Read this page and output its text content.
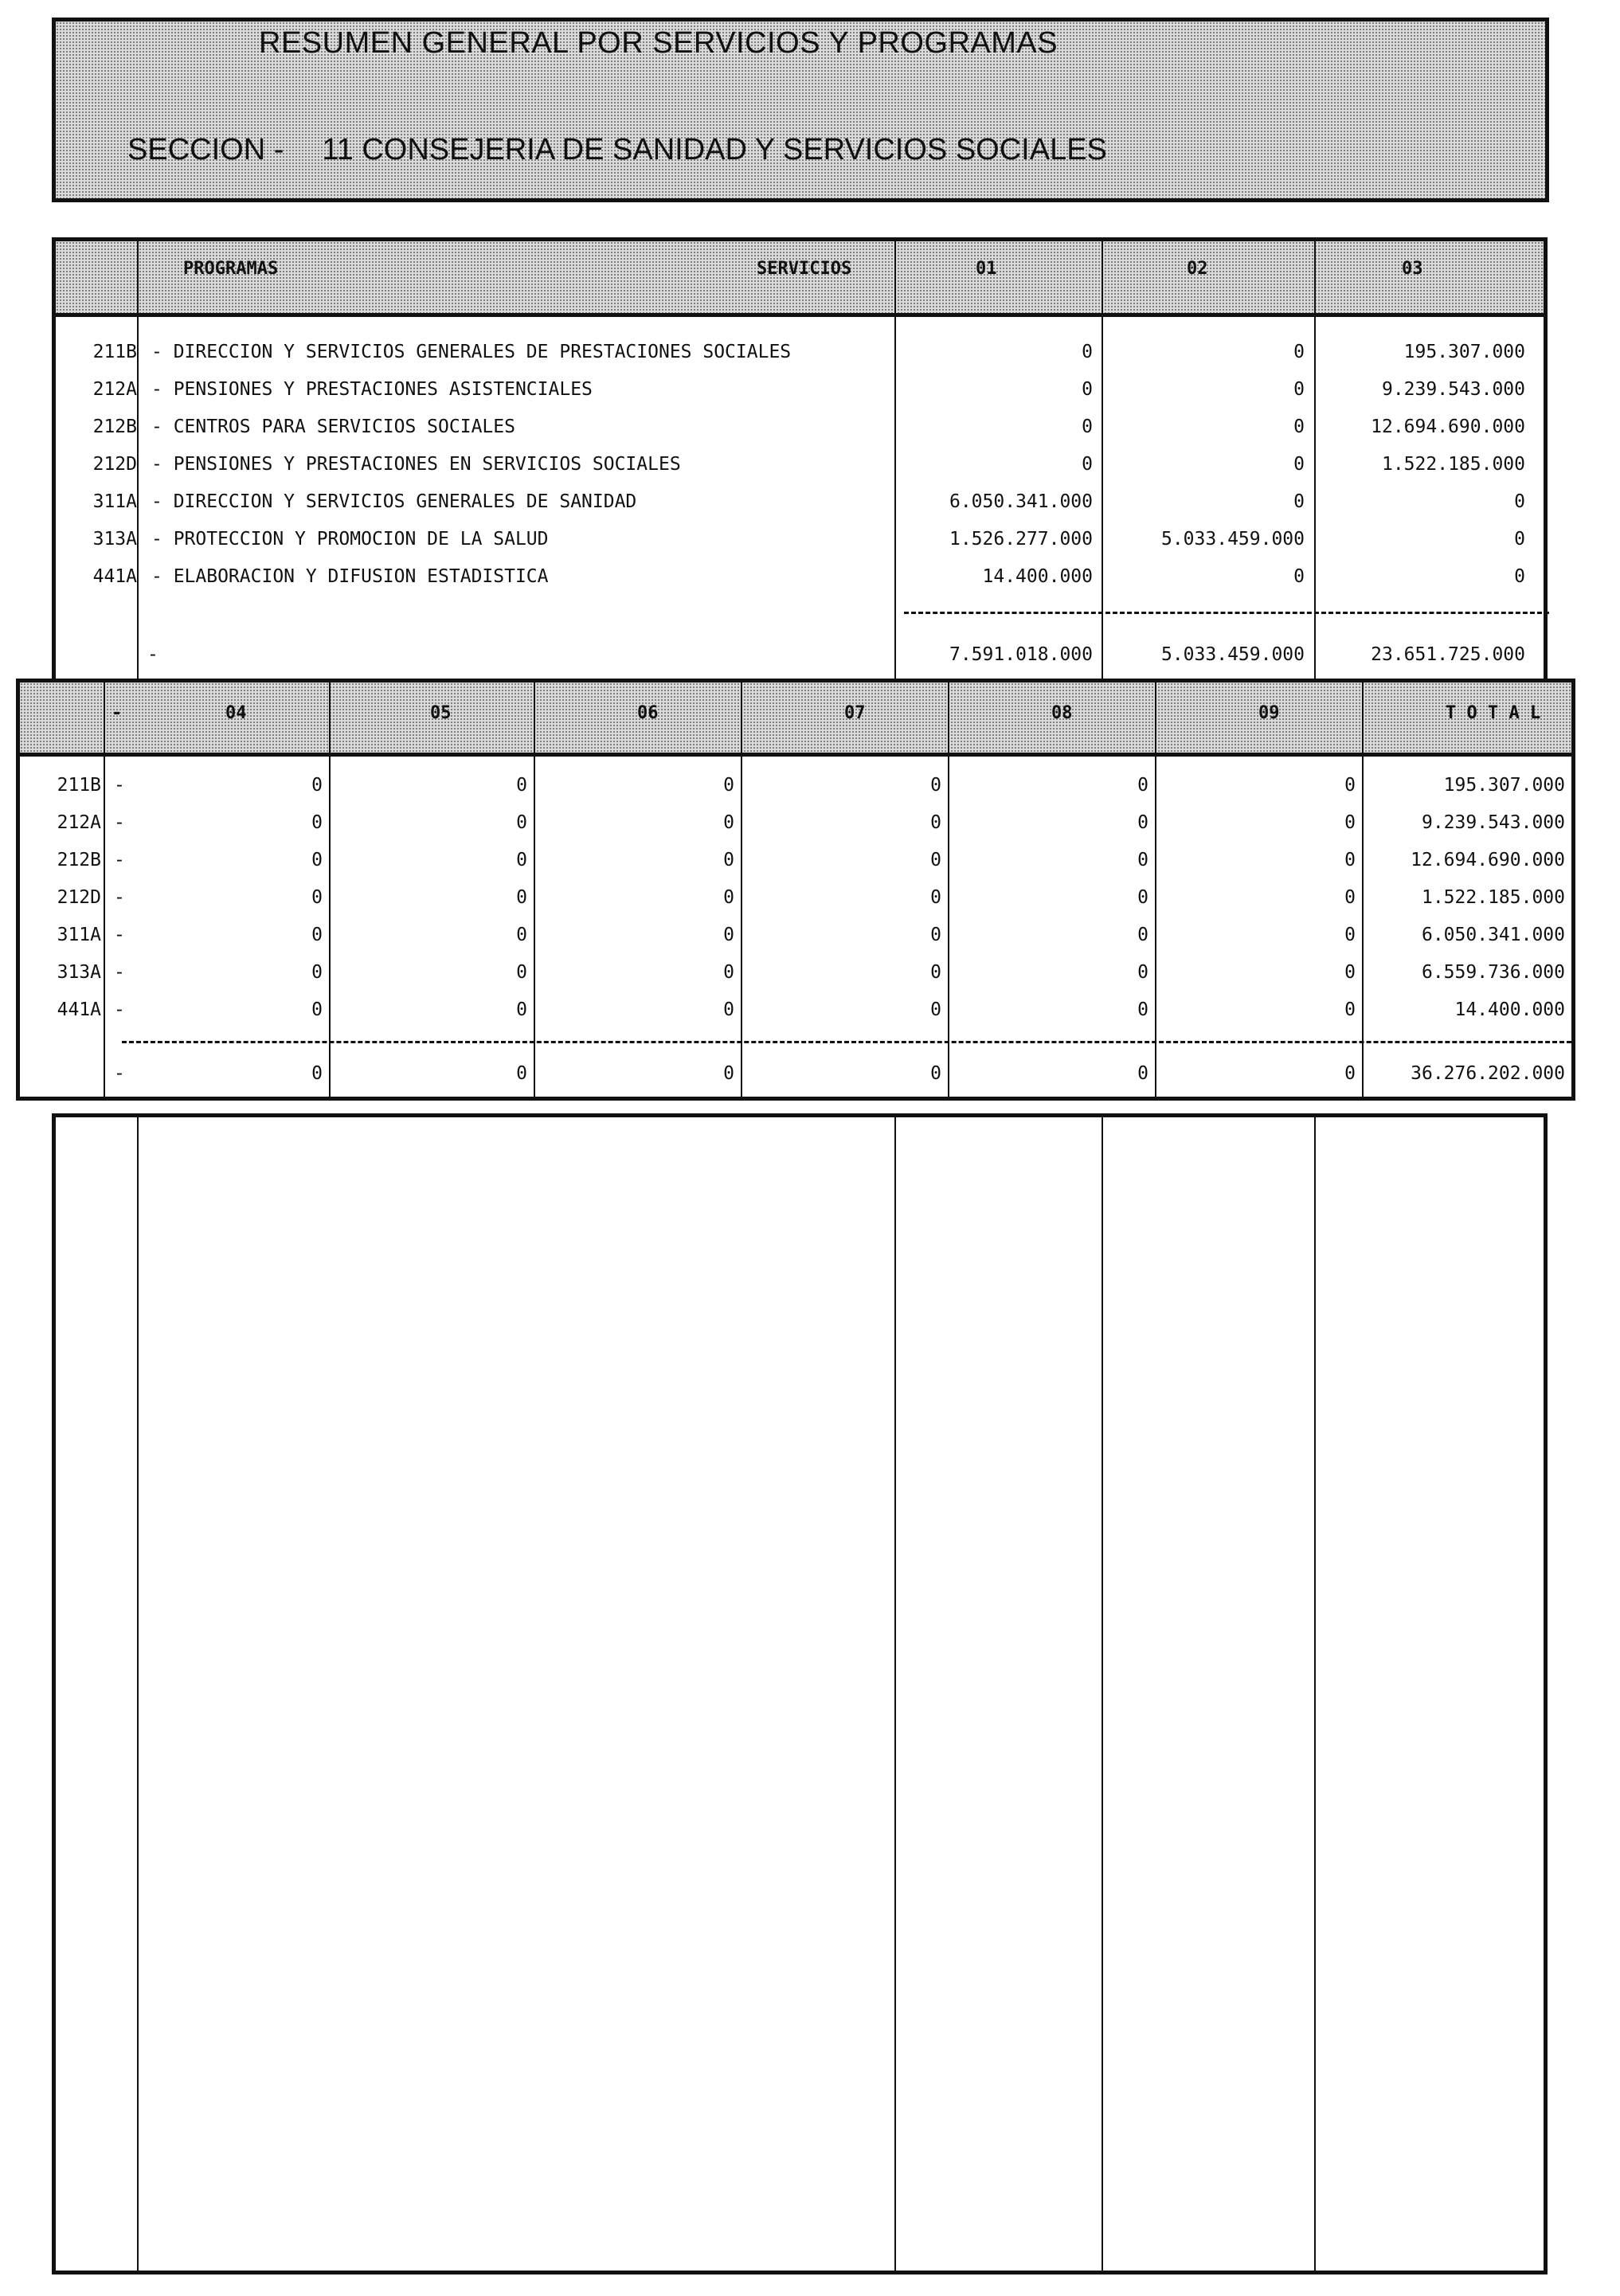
RESUMEN GENERAL POR SERVICIOS Y PROGRAMAS
SECCION - 11 CONSEJERIA DE SANIDAD Y SERVICIOS SOCIALES
PROGRAMAS	SERVICIOS	01	02	03
211B - DIRECCION Y SERVICIOS GENERALES DE PRESTACIONES SOCIALES	0	0	195.307.000
212A - PENSIONES Y PRESTACIONES ASISTENCIALES	0	0	9.239.543.000
212B - CENTROS PARA SERVICIOS SOCIALES	0	0	12.694.690.000
212D - PENSIONES Y PRESTACIONES EN SERVICIOS SOCIALES	0	0	1.522.185.000
311A - DIRECCION Y SERVICIOS GENERALES DE SANIDAD	6.050.341.000	0	0
313A - PROTECCION Y PROMOCION DE LA SALUD	1.526.277.000	5.033.459.000	0
441A - ELABORACION Y DIFUSION ESTADISTICA	14.400.000	0	0
-	7.591.018.000	5.033.459.000	23.651.725.000
-	04	05	06	07	08	09	T O T A L
211B -	0	0	0	0	0	0	195.307.000
212A -	0	0	0	0	0	0	9.239.543.000
212B -	0	0	0	0	0	0	12.694.690.000
212D -	0	0	0	0	0	0	1.522.185.000
311A -	0	0	0	0	0	0	6.050.341.000
313A -	0	0	0	0	0	0	6.559.736.000
441A -	0	0	0	0	0	0	14.400.000
-	0	0	0	0	0	0	36.276.202.000
